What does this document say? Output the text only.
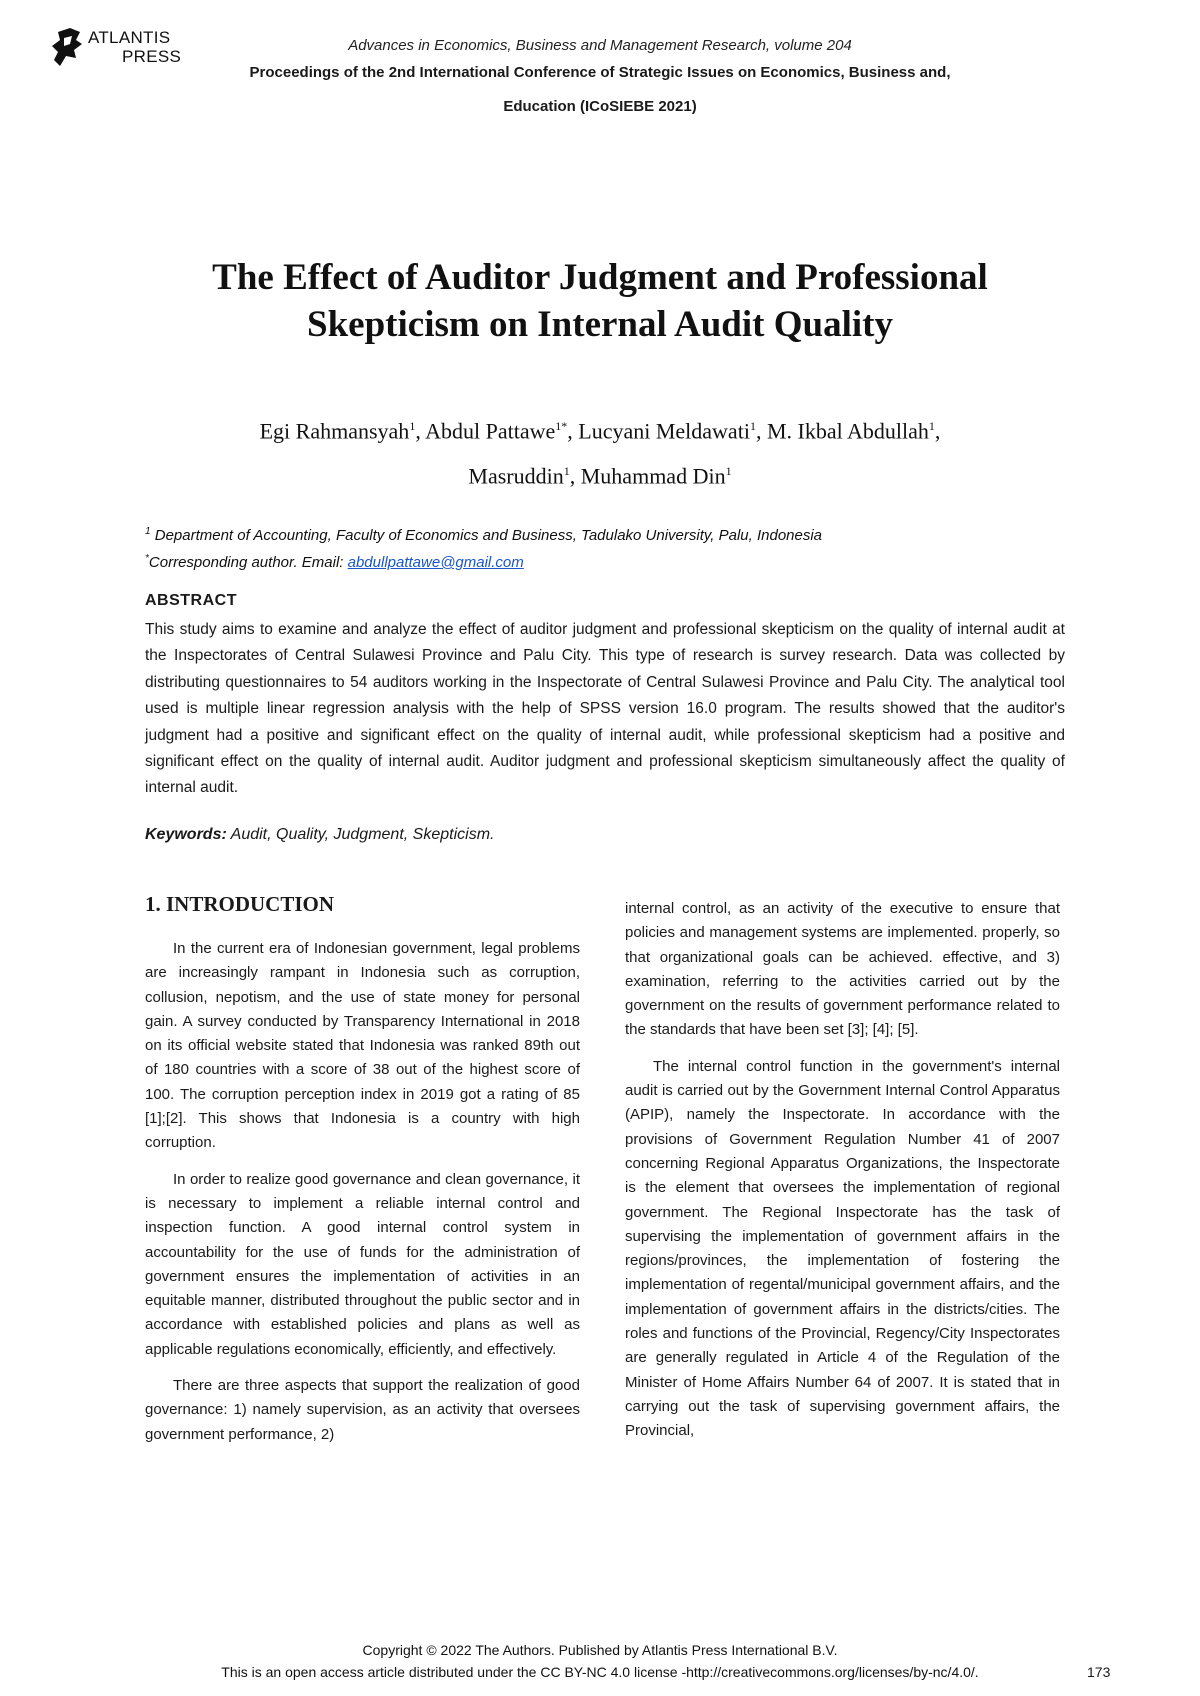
ATLANTIS
PRESS
Advances in Economics, Business and Management Research, volume 204
Proceedings of the 2nd International Conference of Strategic Issues on Economics, Business and,
Education (ICoSIEBE 2021)
The Effect of Auditor Judgment and Professional
Skepticism on Internal Audit Quality
Egi Rahmansyah$^1$, Abdul Pattawe$^{1*}$, Lucyani Meldawati$^1$, M. Ikbal Abdullah$^1$,
Masruddin$^1$, Muhammad Din$^1$
$^1$ Department of Accounting, Faculty of Economics and Business, Tadulako University, Palu, Indonesia
*Corresponding author. Email: abdullpattawe@gmail.com
ABSTRACT
This study aims to examine and analyze the effect of auditor judgment and professional skepticism on the quality of internal audit at the Inspectorates of Central Sulawesi Province and Palu City. This type of research is survey research. Data was collected by distributing questionnaires to 54 auditors working in the Inspectorate of Central Sulawesi Province and Palu City. The analytical tool used is multiple linear regression analysis with the help of SPSS version 16.0 program. The results showed that the auditor's judgment had a positive and significant effect on the quality of internal audit, while professional skepticism had a positive and significant effect on the quality of internal audit. Auditor judgment and professional skepticism simultaneously affect the quality of internal audit.
Keywords: Audit, Quality, Judgment, Skepticism.
1. INTRODUCTION

In the current era of Indonesian government, legal problems are increasingly rampant in Indonesia such as corruption, collusion, nepotism, and the use of state money for personal gain. A survey conducted by Transparency International in 2018 on its official website stated that Indonesia was ranked 89th out of 180 countries with a score of 38 out of the highest score of 100. The corruption perception index in 2019 got a rating of 85 [1];[2]. This shows that Indonesia is a country with high corruption.

In order to realize good governance and clean governance, it is necessary to implement a reliable internal control and inspection function. A good internal control system in accountability for the use of funds for the administration of government ensures the implementation of activities in an equitable manner, distributed throughout the public sector and in accordance with established policies and plans as well as applicable regulations economically, efficiently, and effectively.

There are three aspects that support the realization of good governance: 1) namely supervision, as an activity that oversees government performance, 2)

internal control, as an activity of the executive to ensure that policies and management systems are implemented. properly, so that organizational goals can be achieved. effective, and 3) examination, referring to the activities carried out by the government on the results of government performance related to the standards that have been set [3]; [4]; [5].

The internal control function in the government's internal audit is carried out by the Government Internal Control Apparatus (APIP), namely the Inspectorate. In accordance with the provisions of Government Regulation Number 41 of 2007 concerning Regional Apparatus Organizations, the Inspectorate is the element that oversees the implementation of regional government. The Regional Inspectorate has the task of supervising the implementation of government affairs in the regions/provinces, the implementation of fostering the implementation of regental/municipal government affairs, and the implementation of government affairs in the districts/cities. The roles and functions of the Provincial, Regency/City Inspectorates are generally regulated in Article 4 of the Regulation of the Minister of Home Affairs Number 64 of 2007. It is stated that in carrying out the task of supervising government affairs, the Provincial,

Copyright © 2022 The Authors. Published by Atlantis Press International B.V.
This is an open access article distributed under the CC BY-NC 4.0 license -http://creativecommons.org/licenses/by-nc/4.0/.	173
